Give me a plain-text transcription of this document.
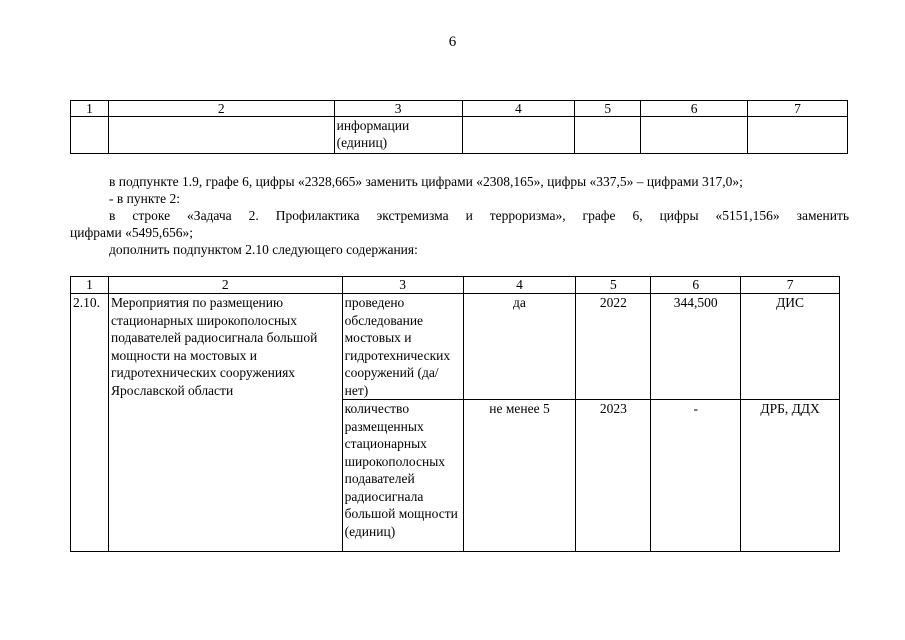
6
1	2	3	4	5	6	7
		информации (единиц)				
в подпункте 1.9, графе 6, цифры «2328,665» заменить цифрами «2308,165», цифры «337,5» – цифрами 317,0»;
- в пункте 2:
в строке «Задача 2. Профилактика экстремизма и терроризма», графе 6, цифры «5151,156» заменить
цифрами «5495,656»;
дополнить подпунктом 2.10 следующего содержания:
1	2	3	4	5	6	7
2.10.	Мероприятия по размещению стационарных широкополосных подавателей радиосигнала большой мощности на мостовых и гидротехнических сооружениях Ярославской области	проведено обследование мостовых и гидротехнических сооружений (да/нет)	да	2022	344,500	ДИС
		количество размещенных стационарных широкополосных подавателей радиосигнала большой мощности (единиц)	не менее 5	2023	-	ДРБ, ДДХ
